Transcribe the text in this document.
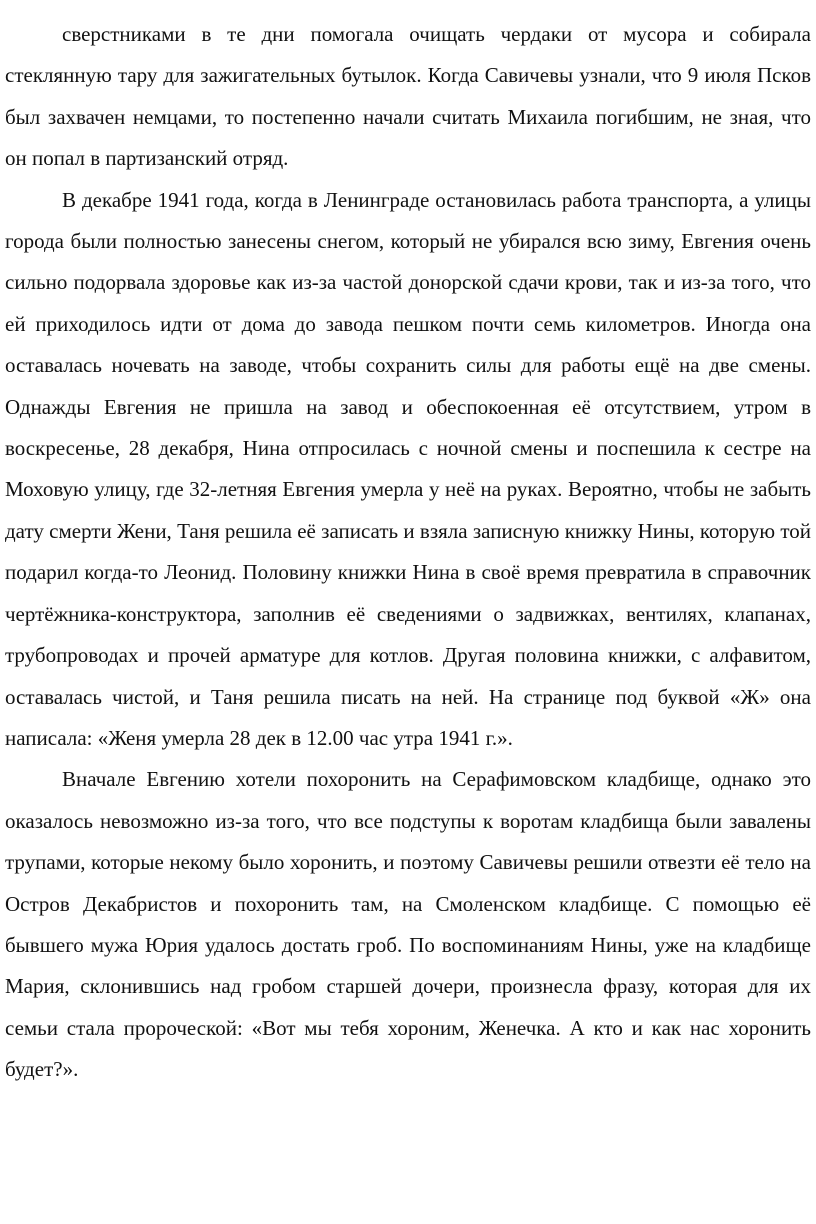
сверстниками в те дни помогала очищать чердаки от мусора и собирала стеклянную тару для зажигательных бутылок. Когда Савичевы узнали, что 9 июля Псков был захвачен немцами, то постепенно начали считать Михаила погибшим, не зная, что он попал в партизанский отряд.

В декабре 1941 года, когда в Ленинграде остановилась работа транспорта, а улицы города были полностью занесены снегом, который не убирался всю зиму, Евгения очень сильно подорвала здоровье как из-за частой донорской сдачи крови, так и из-за того, что ей приходилось идти от дома до завода пешком почти семь километров. Иногда она оставалась ночевать на заводе, чтобы сохранить силы для работы ещё на две смены. Однажды Евгения не пришла на завод и обеспокоенная её отсутствием, утром в воскресенье, 28 декабря, Нина отпросилась с ночной смены и поспешила к сестре на Моховую улицу, где 32-летняя Евгения умерла у неё на руках. Вероятно, чтобы не забыть дату смерти Жени, Таня решила её записать и взяла записную книжку Нины, которую той подарил когда-то Леонид. Половину книжки Нина в своё время превратила в справочник чертёжника-конструктора, заполнив её сведениями о задвижках, вентилях, клапанах, трубопроводах и прочей арматуре для котлов. Другая половина книжки, с алфавитом, оставалась чистой, и Таня решила писать на ней. На странице под буквой «Ж» она написала: «Женя умерла 28 дек в 12.00 час утра 1941 г.».

Вначале Евгению хотели похоронить на Серафимовском кладбище, однако это оказалось невозможно из-за того, что все подступы к воротам кладбища были завалены трупами, которые некому было хоронить, и поэтому Савичевы решили отвезти её тело на Остров Декабристов и похоронить там, на Смоленском кладбище. С помощью её бывшего мужа Юрия удалось достать гроб. По воспоминаниям Нины, уже на кладбище Мария, склонившись над гробом старшей дочери, произнесла фразу, которая для их семьи стала пророческой: «Вот мы тебя хороним, Женечка. А кто и как нас хоронить будет?».
